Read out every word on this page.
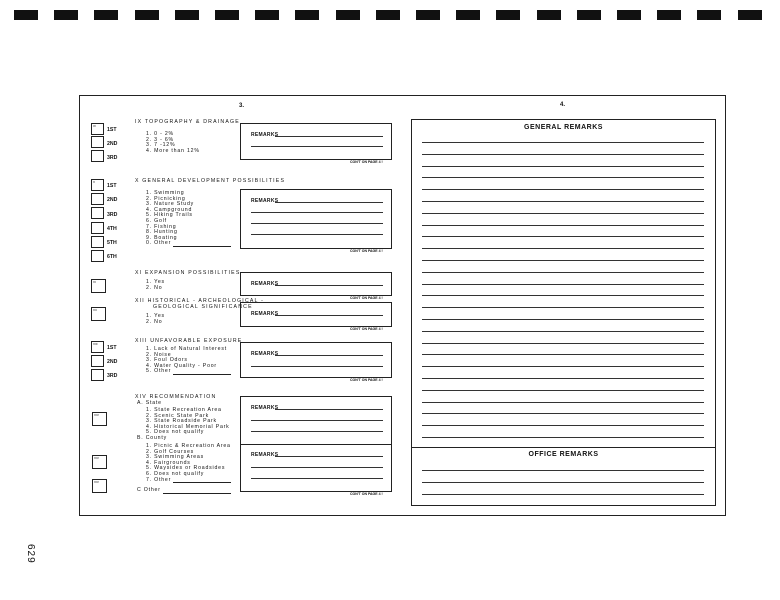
629
3.	4.
IX
1ST
2ND
3RD
IX TOPOGRAPHY & DRAINAGE
1. 0 - 2%
2. 3 - 6%
3. 7 -12%
4. More than 12%
REMARKS
CON'T ON PAGE 4 !
X
1ST
2ND
3RD
4TH
5TH
6TH
X GENERAL DEVELOPMENT POSSIBILITIES
1. Swimming
2. Picnicking
3. Nature Study
4. Campground
5. Hiking Trails
6. Golf
7. Fishing
8. Hunting
9. Boating
0. Other
REMARKS
CON'T ON PAGE 4 !
XI
XI EXPANSION POSSIBILITIES
1. Yes
2. No
REMARKS
CON'T ON PAGE 4 !
XII
XII HISTORICAL - ARCHEOLOGICAL -
GEOLOGICAL SIGNIFICANCE
1. Yes
2. No
REMARKS
CON'T ON PAGE 4 !
XIII
1ST
2ND
3RD
XIII UNFAVORABLE EXPOSURE
1. Lack of Natural Interest
2. Noise
3. Foul Odors
4. Water Quality - Poor
5. Other
REMARKS
CON'T ON PAGE 4 !
XIV RECOMMENDATION
A. State
1. State Recreation Area
2. Scenic State Park
3. State Roadside Park
4. Historical Memorial Park
5. Does not qualify
XIV
B. County
1. Picnic & Recreation Area
2. Golf Courses
3. Swimming Areas
4. Fairgrounds
5. Waysides or Roadsides
6. Does not qualify
7. Other
XIV
XIV
C Other
REMARKS
REMARKS
CON'T ON PAGE 4 !
GENERAL REMARKS
OFFICE REMARKS
